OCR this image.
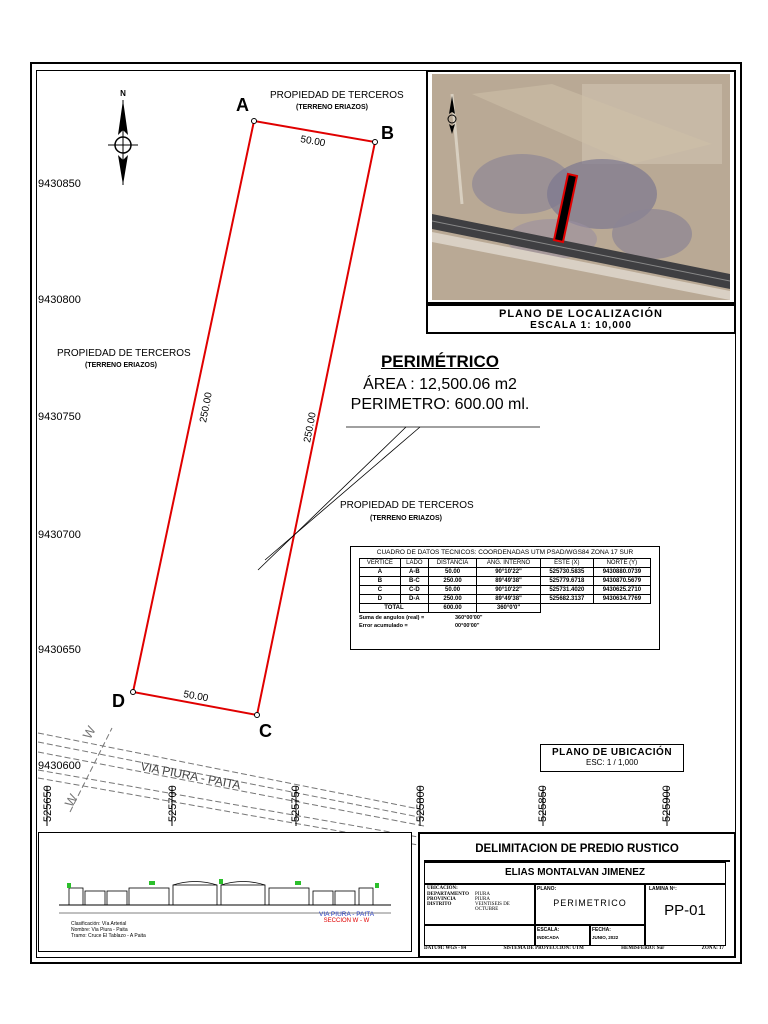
N
9430850
9430800
9430750
9430700
9430650
9430600
525650	525700	525750	525800	525850	525900
A
B
C
D
50.00
250.00
50.00
250.00
PROPIEDAD DE TERCEROS
(TERRENO ERIAZOS)
PROPIEDAD DE TERCEROS
(TERRENO ERIAZOS)
PROPIEDAD DE TERCEROS
(TERRENO ERIAZOS)
VIA PIURA - PAITA
W
W
PERIMÉTRICO
ÁREA : 12,500.06 m2
PERIMETRO: 600.00 ml.
PLANO DE LOCALIZACIÓN
ESCALA 1: 10,000
CUADRO DE DATOS TECNICOS: COORDENADAS UTM PSAD/WGS84 ZONA 17 SUR
VERTICE	LADO	DISTANCIA	ANG. INTERNO	ESTE (X)	NORTE (Y)
A	A-B	50.00	90°10'22"	525730.5835	9430880.0739
B	B-C	250.00	89°49'38"	525779.6718	9430870.5679
C	C-D	50.00	90°10'22"	525731.4020	9430625.2710
D	D-A	250.00	89°49'38"	525682.3137	9430634.7769
TOTAL		600.00	360°0'0"		
Suma de angulos (real) =	360°00'00"
Error acumulado =	00°00'00"
PLANO DE UBICACIÓN
ESC: 1 / 1,000
Clasificación: Vía Arterial
Nombre: Via Piura - Paita
Tramo: Cruce El Tablazo - A Paita
VIA PIURA - PAITA
SECCION W - W
DELIMITACION DE PREDIO RUSTICO
ELIAS MONTALVAN JIMENEZ
UBICACIÓN:
DEPARTAMENTO	PIURA
PROVINCIA	PIURA
DISTRITO	VEINTISEIS DE OCTUBRE
PLANO:
PERIMETRICO
LAMINA Nº:
PP-01
ESCALA:
INDICADA
FECHA:
JUNIO, 2022
DATUM: WGS - 84	SISTEMA DE PROYECCION: UTM	HEMISFERIO: Sur	ZONA: 17
